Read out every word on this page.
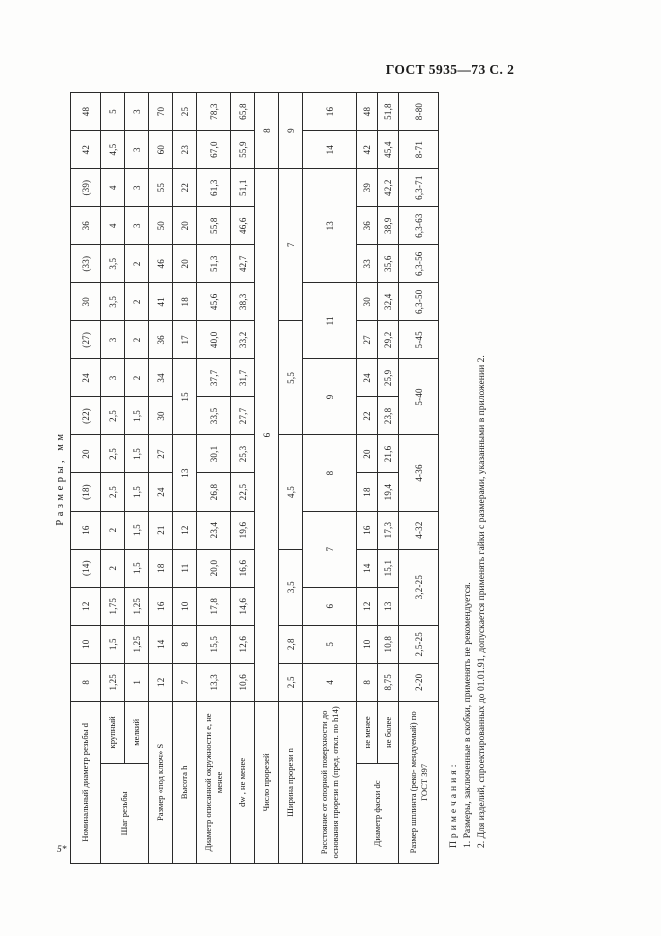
ГОСТ 5935—73 С. 2
Размеры, мм
Номинальный диаметр резьбы d		8	10	12	(14)	16	(18)	20	(22)	24	(27)	30	(33)	36	(39)	42	48
Шаг резьбы	крупный	1,25	1,5	1,75	2	2	2,5	2,5	2,5	3	3	3,5	3,5	4	4	4,5	5
	мелкий	1	1,25	1,25	1,5	1,5	1,5	1,5	1,5	2	2	2	2	3	3	3	3
Размер «под ключ» S		12	14	16	18	21	24	27	30	34	36	41	46	50	55	60	70
Высота h		7	8	10	11	12	13		15		17	18	20	20	22	23	25
Диаметр описанной окружности e, не менее		13,3	15,5	17,8	20,0	23,4	26,8	30,1	33,5	37,7	40,0	45,6	51,3	55,8	61,3	67,0	78,3
dw , не менее		10,6	12,6	14,6	16,6	19,6	22,5	25,3	27,7	31,7	33,2	38,3	42,7	46,6	51,1	55,9	65,8
Число прорезей		6														8	
Ширина прорези n		2,5	2,8	3,5		4,5			5,5			7				9	
Расстояние от опорной поверхности до основания прорези m (пред. откл. по h14)		4	5	6	7		8		9		11		13			14	16
Диаметр фаски dc	не менее	8	10	12	14	16	18	20	22	24	27	30	33	36	39	42	48
	не более	8,75	10,8	13	15,1	17,3	19,4	21,6	23,8	25,9	29,2	32,4	35,6	38,9	42,2	45,4	51,8
Размер шплинта (реко- мендуемый) по ГОСТ 397		2-20	2,5-25	3,2-25		4-32	4-36		5-40		5-45	6,3-50	6,3-56	6,3-63	6,3-71	8-71	8-80
Примечания: 1. Размеры, заключенные в скобки, применять не рекомендуется. 2. Для изделий, спроектированных до 01.01.91, допускается применять гайки с размерами, указанными в приложении 2.

5*
